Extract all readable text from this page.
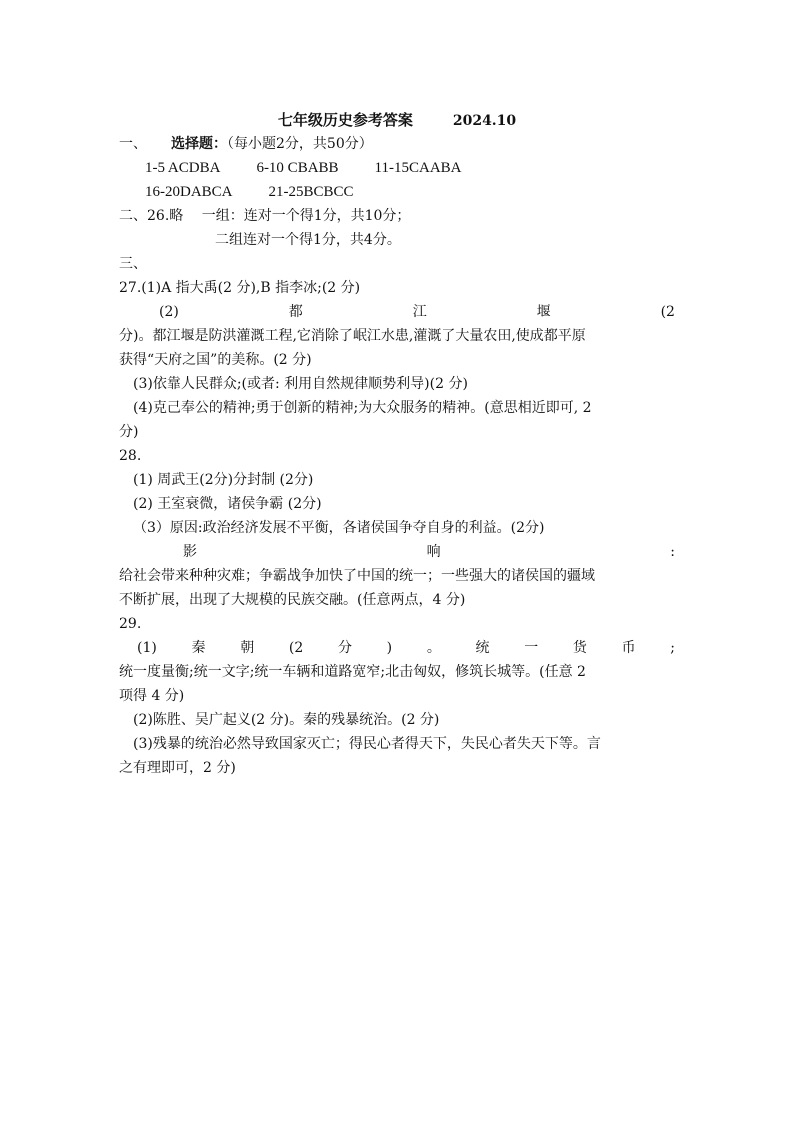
七年级历史参考答案	2024.10
一、 选择题：（每小题2分，共50分）
1-5 ACDBA 6-10 CBABB 11-15CAABA
16-20DABCA 21-25BCBCC
二、26.略　 一组：连对一个得1分，共10分；
二组连对一个得1分，共4分。
三、
27.(1)A 指大禹(2 分),B 指李冰;(2 分)
(2)	都	江	堰	(2
分)。都江堰是防洪灌溉工程,它消除了岷江水患,灌溉了大量农田,使成都平原
获得“天府之国”的美称。(2 分)
(3)依靠人民群众;(或者: 利用自然规律顺势利导)(2 分)
(4)克己奉公的精神;勇于创新的精神;为大众服务的精神。(意思相近即可, 2
分)
28.
(1) 周武王(2分)分封制 (2分)
(2) 王室衰微，诸侯争霸 (2分)
（3）原因:政治经济发展不平衡，各诸侯国争夺自身的利益。(2分)
影	响	:
给社会带来种种灾难；争霸战争加快了中国的统一；一些强大的诸侯国的疆域
不断扩展，出现了大规模的民族交融。(任意两点，4 分)
29.
(1) 秦 朝 (2 分 ) 。 统 一 货 币 ;
统一度量衡;统一文字;统一车辆和道路宽窄;北击匈奴，修筑长城等。(任意 2
项得 4 分)
(2)陈胜、吴广起义(2 分)。秦的残暴统治。(2 分)
(3)残暴的统治必然导致国家灭亡；得民心者得天下，失民心者失天下等。言
之有理即可，2 分)
